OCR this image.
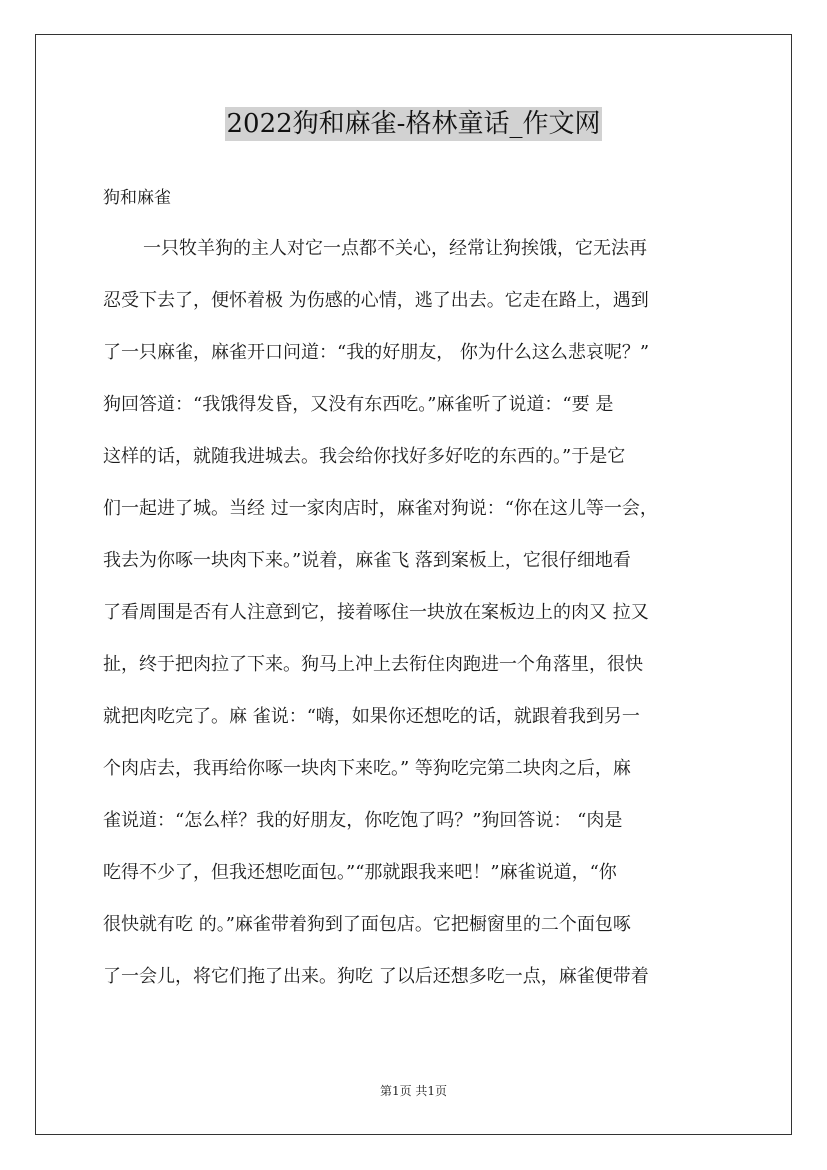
2022狗和麻雀-格林童话_作文网
狗和麻雀
一只牧羊狗的主人对它一点都不关心，经常让狗挨饿，它无法再
忍受下去了，便怀着极 为伤感的心情，逃了出去。它走在路上，遇到
了一只麻雀，麻雀开口问道：“我的好朋友， 你为什么这么悲哀呢？”
狗回答道：“我饿得发昏，又没有东西吃。”麻雀听了说道：“要 是
这样的话，就随我进城去。我会给你找好多好吃的东西的。”于是它
们一起进了城。当经 过一家肉店时，麻雀对狗说：“你在这儿等一会，
我去为你啄一块肉下来。”说着，麻雀飞 落到案板上，它很仔细地看
了看周围是否有人注意到它，接着啄住一块放在案板边上的肉又 拉又
扯，终于把肉拉了下来。狗马上冲上去衔住肉跑进一个角落里，很快
就把肉吃完了。麻 雀说：“嗨，如果你还想吃的话，就跟着我到另一
个肉店去，我再给你啄一块肉下来吃。” 等狗吃完第二块肉之后，麻
雀说道：“怎么样？我的好朋友，你吃饱了吗？”狗回答说： “肉是
吃得不少了，但我还想吃面包。”“那就跟我来吧！”麻雀说道，“你
很快就有吃 的。”麻雀带着狗到了面包店。它把橱窗里的二个面包啄
了一会儿，将它们拖了出来。狗吃 了以后还想多吃一点，麻雀便带着
第1页 共1页
